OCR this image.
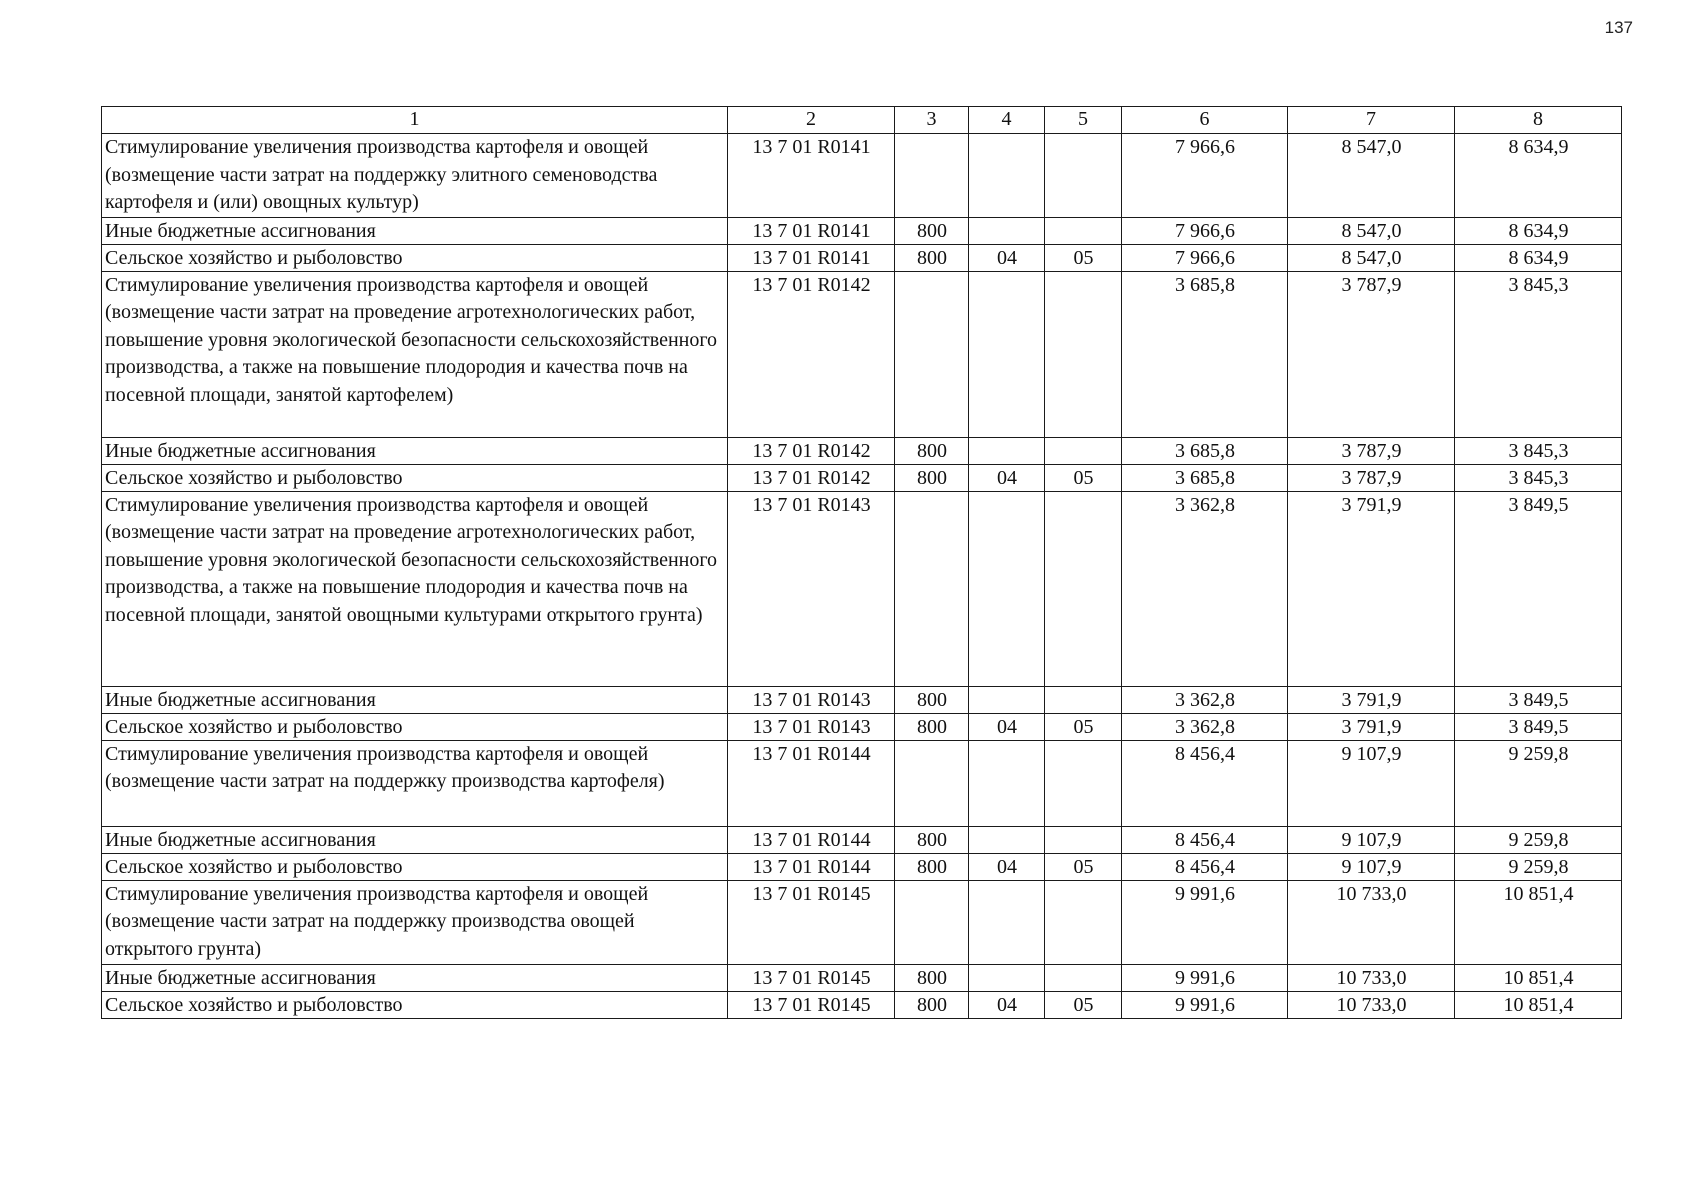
137
1	2	3	4	5	6	7	8
Стимулирование увеличения производства картофеля и овощей (возмещение части затрат на поддержку элитного семеноводства картофеля и (или) овощных культур)	13 7 01 R0141				7 966,6	8 547,0	8 634,9
Иные бюджетные ассигнования	13 7 01 R0141	800			7 966,6	8 547,0	8 634,9
Сельское хозяйство и рыболовство	13 7 01 R0141	800	04	05	7 966,6	8 547,0	8 634,9
Стимулирование увеличения производства картофеля и овощей (возмещение части затрат на проведение агротехнологических работ, повышение уровня экологической безопасности сельскохозяйственного производства, а также на повышение плодородия и качества почв на посевной площади, занятой картофелем)	13 7 01 R0142				3 685,8	3 787,9	3 845,3
Иные бюджетные ассигнования	13 7 01 R0142	800			3 685,8	3 787,9	3 845,3
Сельское хозяйство и рыболовство	13 7 01 R0142	800	04	05	3 685,8	3 787,9	3 845,3
Стимулирование увеличения производства картофеля и овощей (возмещение части затрат на проведение агротехнологических работ, повышение уровня экологической безопасности сельскохозяйственного производства, а также на повышение плодородия и качества почв на посевной площади, занятой овощными культурами открытого грунта)	13 7 01 R0143				3 362,8	3 791,9	3 849,5
Иные бюджетные ассигнования	13 7 01 R0143	800			3 362,8	3 791,9	3 849,5
Сельское хозяйство и рыболовство	13 7 01 R0143	800	04	05	3 362,8	3 791,9	3 849,5
Стимулирование увеличения производства картофеля и овощей (возмещение части затрат на поддержку производства картофеля)	13 7 01 R0144				8 456,4	9 107,9	9 259,8
Иные бюджетные ассигнования	13 7 01 R0144	800			8 456,4	9 107,9	9 259,8
Сельское хозяйство и рыболовство	13 7 01 R0144	800	04	05	8 456,4	9 107,9	9 259,8
Стимулирование увеличения производства картофеля и овощей (возмещение части затрат на поддержку производства овощей открытого грунта)	13 7 01 R0145				9 991,6	10 733,0	10 851,4
Иные бюджетные ассигнования	13 7 01 R0145	800			9 991,6	10 733,0	10 851,4
Сельское хозяйство и рыболовство	13 7 01 R0145	800	04	05	9 991,6	10 733,0	10 851,4
